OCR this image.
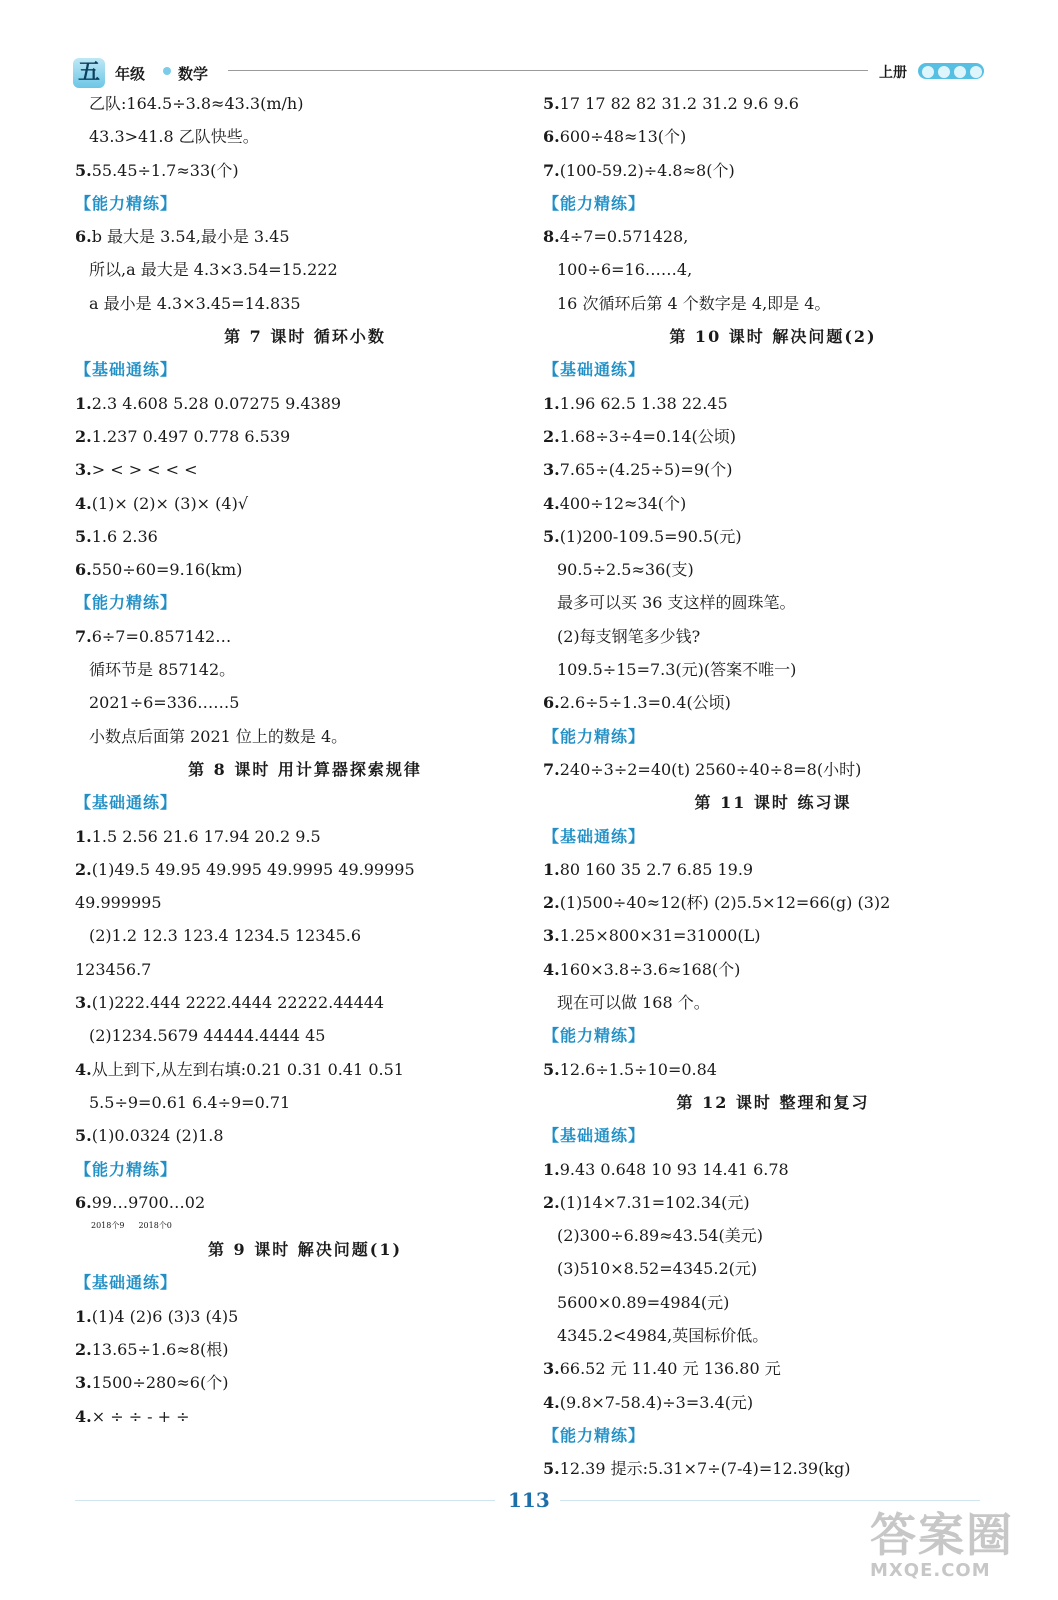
五	年级 数学	上册
乙队:164.5÷3.8≈43.3(m/h)
43.3>41.8 乙队快些。
5.55.45÷1.7≈33(个)
【能力精练】
6.b 最大是 3.54,最小是 3.45
所以,a 最大是 4.3×3.54=15.222
a 最小是 4.3×3.45=14.835
第 7 课时 循环小数
【基础通练】
1.2.3 4.608 5.28 0.07275 9.4389
2.1.237 0.497 0.778 6.539
3.> < > < < <
4.(1)× (2)× (3)× (4)√
5.1.6 2.36
6.550÷60=9.16(km)
【能力精练】
7.6÷7=0.857142…
循环节是 857142。
2021÷6=336……5
小数点后面第 2021 位上的数是 4。
第 8 课时 用计算器探索规律
【基础通练】
1.1.5 2.56 21.6 17.94 20.2 9.5
2.(1)49.5 49.95 49.995 49.9995 49.99995
49.999995
(2)1.2 12.3 123.4 1234.5 12345.6
123456.7
3.(1)222.444 2222.4444 22222.44444
(2)1234.5679 44444.4444 45
4.从上到下,从左到右填:0.21 0.31 0.41 0.51
5.5÷9=0.61 6.4÷9=0.71
5.(1)0.0324 (2)1.8
【能力精练】
6.99…9700…02
$^{2018个9}$ $^{2018个0}$
第 9 课时 解决问题(1)
【基础通练】
1.(1)4 (2)6 (3)3 (4)5
2.13.65÷1.6≈8(根)
3.1500÷280≈6(个)
4.× ÷ ÷ - + ÷
5.17 17 82 82 31.2 31.2 9.6 9.6
6.600÷48≈13(个)
7.(100-59.2)÷4.8≈8(个)
【能力精练】
8.4÷7=0.571428,
100÷6=16……4,
16 次循环后第 4 个数字是 4,即是 4。
第 10 课时 解决问题(2)
【基础通练】
1.1.96 62.5 1.38 22.45
2.1.68÷3÷4=0.14(公顷)
3.7.65÷(4.25÷5)=9(个)
4.400÷12≈34(个)
5.(1)200-109.5=90.5(元)
90.5÷2.5≈36(支)
最多可以买 36 支这样的圆珠笔。
(2)每支钢笔多少钱?
109.5÷15=7.3(元)(答案不唯一)
6.2.6÷5÷1.3=0.4(公顷)
【能力精练】
7.240÷3÷2=40(t) 2560÷40÷8=8(小时)
第 11 课时 练习课
【基础通练】
1.80 160 35 2.7 6.85 19.9
2.(1)500÷40≈12(杯) (2)5.5×12=66(g) (3)2
3.1.25×800×31=31000(L)
4.160×3.8÷3.6≈168(个)
现在可以做 168 个。
【能力精练】
5.12.6÷1.5÷10=0.84
第 12 课时 整理和复习
【基础通练】
1.9.43 0.648 10 93 14.41 6.78
2.(1)14×7.31=102.34(元)
(2)300÷6.89≈43.54(美元)
(3)510×8.52=4345.2(元)
5600×0.89=4984(元)
4345.2<4984,英国标价低。
3.66.52 元 11.40 元 136.80 元
4.(9.8×7-58.4)÷3=3.4(元)
【能力精练】
5.12.39 提示:5.31×7÷(7-4)=12.39(kg)
113
答案圈
MXQE.COM
